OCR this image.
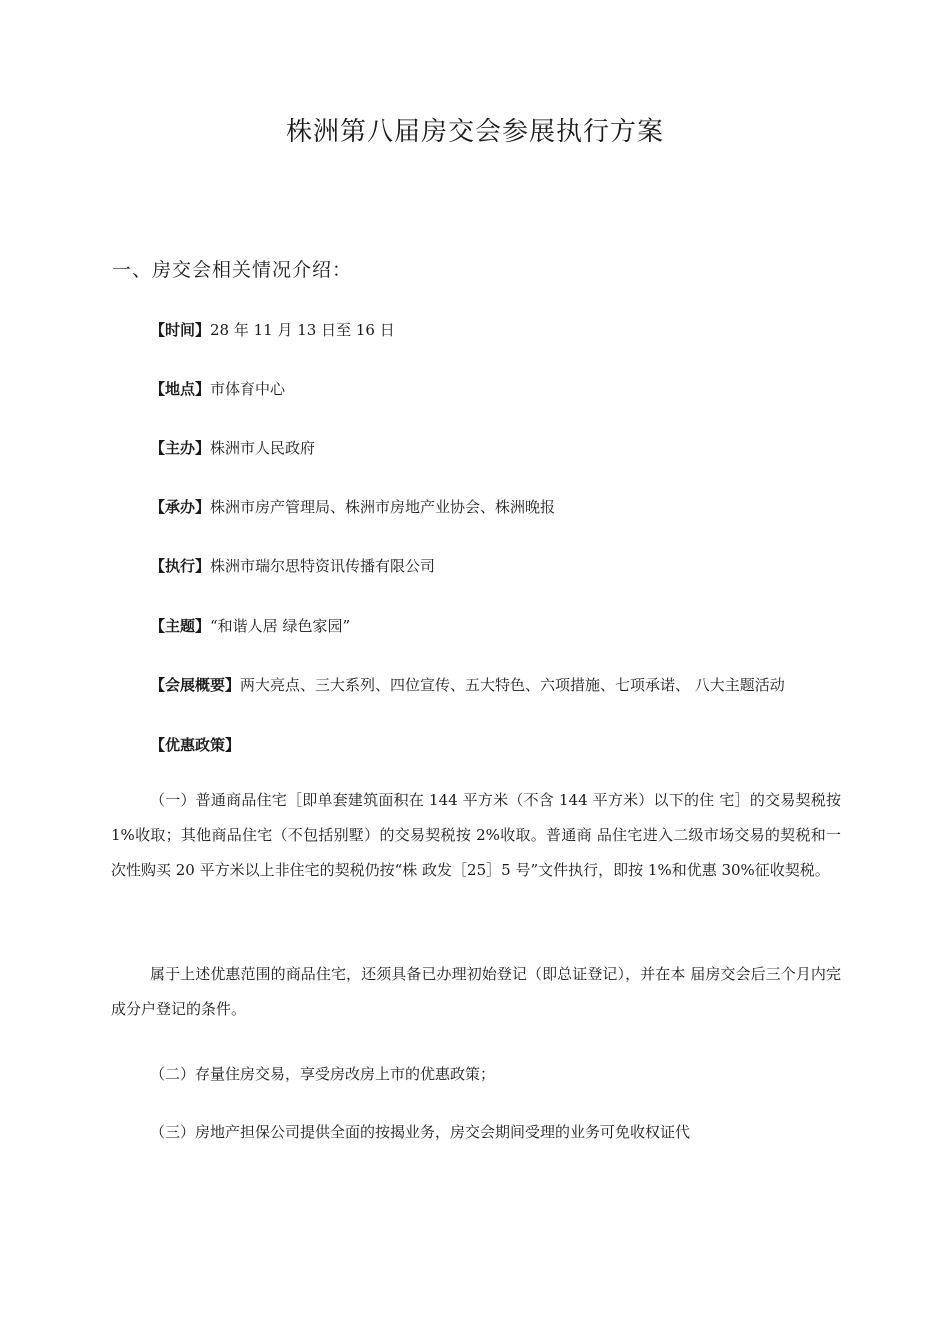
株洲第八届房交会参展执行方案
一、房交会相关情况介绍：
【时间】28 年 11 月 13 日至 16 日
【地点】市体育中心
【主办】株洲市人民政府
【承办】株洲市房产管理局、株洲市房地产业协会、株洲晚报
【执行】株洲市瑞尔思特资讯传播有限公司
【主题】“和谐人居 绿色家园”
【会展概要】两大亮点、三大系列、四位宣传、五大特色、六项措施、七项承诺、 八大主题活动
【优惠政策】
（一）普通商品住宅［即单套建筑面积在 144 平方米（不含 144 平方米）以下的住 宅］的交易契税按 1%收取；其他商品住宅（不包括别墅）的交易契税按 2%收取。普通商 品住宅进入二级市场交易的契税和一次性购买 20 平方米以上非住宅的契税仍按“株 政发［25］5 号”文件执行，即按 1%和优惠 30%征收契税。
属于上述优惠范围的商品住宅，还须具备已办理初始登记（即总证登记），并在本 届房交会后三个月内完成分户登记的条件。
（二）存量住房交易，享受房改房上市的优惠政策；
（三）房地产担保公司提供全面的按揭业务，房交会期间受理的业务可免收权证代
